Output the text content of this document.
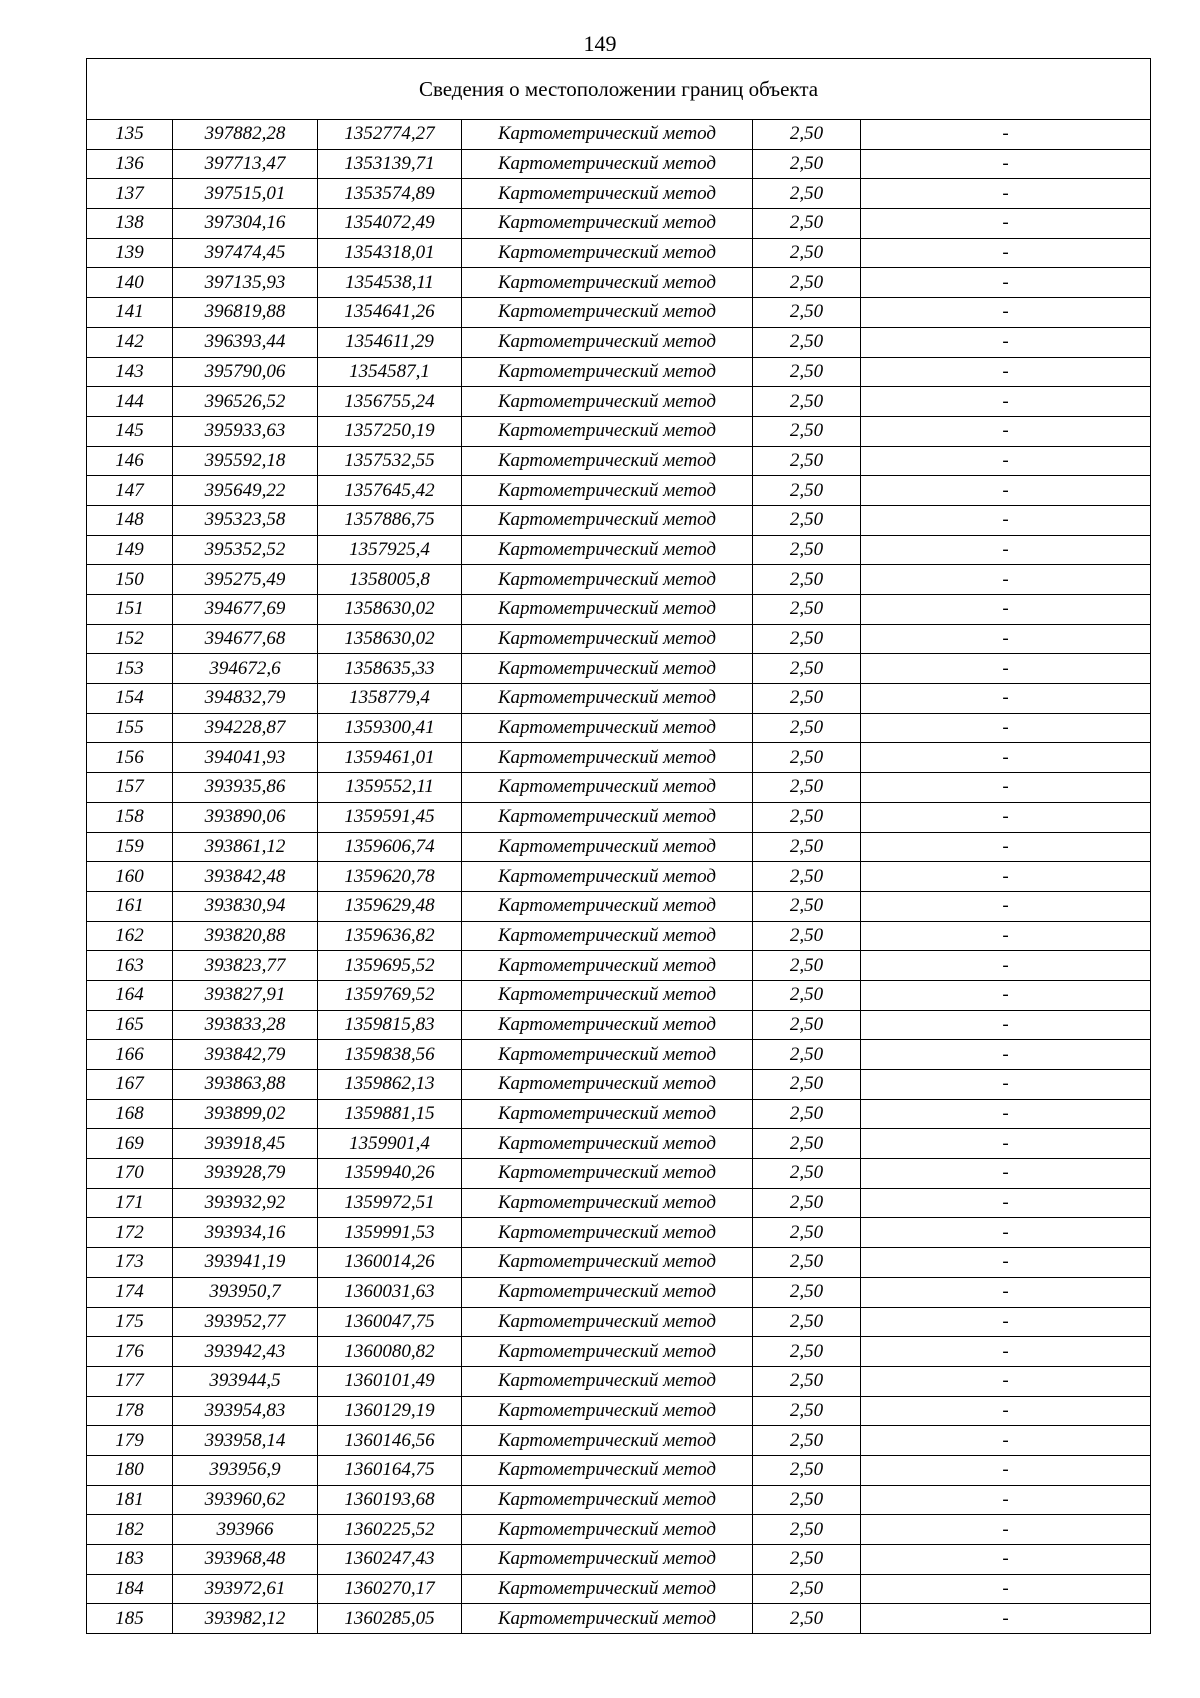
149
Сведения о местоположении границ объекта					
135	397882,28	1352774,27	Картометрический метод	2,50	-
136	397713,47	1353139,71	Картометрический метод	2,50	-
137	397515,01	1353574,89	Картометрический метод	2,50	-
138	397304,16	1354072,49	Картометрический метод	2,50	-
139	397474,45	1354318,01	Картометрический метод	2,50	-
140	397135,93	1354538,11	Картометрический метод	2,50	-
141	396819,88	1354641,26	Картометрический метод	2,50	-
142	396393,44	1354611,29	Картометрический метод	2,50	-
143	395790,06	1354587,1	Картометрический метод	2,50	-
144	396526,52	1356755,24	Картометрический метод	2,50	-
145	395933,63	1357250,19	Картометрический метод	2,50	-
146	395592,18	1357532,55	Картометрический метод	2,50	-
147	395649,22	1357645,42	Картометрический метод	2,50	-
148	395323,58	1357886,75	Картометрический метод	2,50	-
149	395352,52	1357925,4	Картометрический метод	2,50	-
150	395275,49	1358005,8	Картометрический метод	2,50	-
151	394677,69	1358630,02	Картометрический метод	2,50	-
152	394677,68	1358630,02	Картометрический метод	2,50	-
153	394672,6	1358635,33	Картометрический метод	2,50	-
154	394832,79	1358779,4	Картометрический метод	2,50	-
155	394228,87	1359300,41	Картометрический метод	2,50	-
156	394041,93	1359461,01	Картометрический метод	2,50	-
157	393935,86	1359552,11	Картометрический метод	2,50	-
158	393890,06	1359591,45	Картометрический метод	2,50	-
159	393861,12	1359606,74	Картометрический метод	2,50	-
160	393842,48	1359620,78	Картометрический метод	2,50	-
161	393830,94	1359629,48	Картометрический метод	2,50	-
162	393820,88	1359636,82	Картометрический метод	2,50	-
163	393823,77	1359695,52	Картометрический метод	2,50	-
164	393827,91	1359769,52	Картометрический метод	2,50	-
165	393833,28	1359815,83	Картометрический метод	2,50	-
166	393842,79	1359838,56	Картометрический метод	2,50	-
167	393863,88	1359862,13	Картометрический метод	2,50	-
168	393899,02	1359881,15	Картометрический метод	2,50	-
169	393918,45	1359901,4	Картометрический метод	2,50	-
170	393928,79	1359940,26	Картометрический метод	2,50	-
171	393932,92	1359972,51	Картометрический метод	2,50	-
172	393934,16	1359991,53	Картометрический метод	2,50	-
173	393941,19	1360014,26	Картометрический метод	2,50	-
174	393950,7	1360031,63	Картометрический метод	2,50	-
175	393952,77	1360047,75	Картометрический метод	2,50	-
176	393942,43	1360080,82	Картометрический метод	2,50	-
177	393944,5	1360101,49	Картометрический метод	2,50	-
178	393954,83	1360129,19	Картометрический метод	2,50	-
179	393958,14	1360146,56	Картометрический метод	2,50	-
180	393956,9	1360164,75	Картометрический метод	2,50	-
181	393960,62	1360193,68	Картометрический метод	2,50	-
182	393966	1360225,52	Картометрический метод	2,50	-
183	393968,48	1360247,43	Картометрический метод	2,50	-
184	393972,61	1360270,17	Картометрический метод	2,50	-
185	393982,12	1360285,05	Картометрический метод	2,50	-
